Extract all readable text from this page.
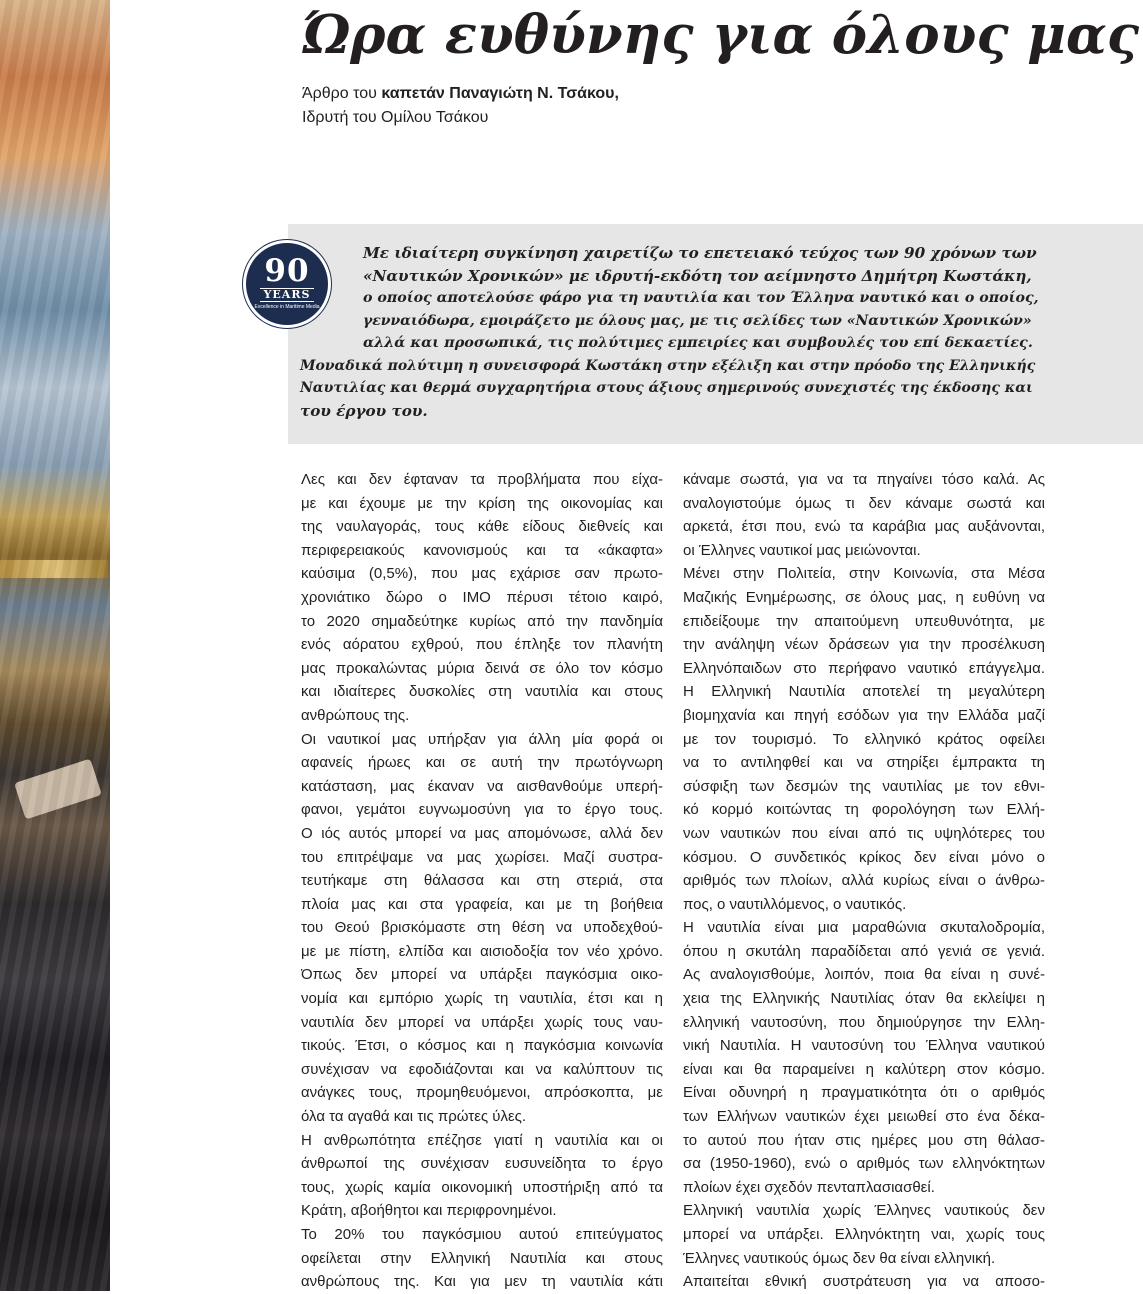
Ώρα ευθύνης για όλους μας
Άρθρο του καπετάν Παναγιώτη Ν. Τσάκου,
Ιδρυτή του Ομίλου Τσάκου
90
YEARS
Excellence in Maritime Media
Με ιδιαίτερη συγκίνηση χαιρετίζω το επετειακό τεύχος των 90 χρόνων των
«Ναυτικών Χρονικών» με ιδρυτή-εκδότη τον αείμνηστο Δημήτρη Κωστάκη,
ο οποίος αποτελούσε φάρο για τη ναυτιλία και τον Έλληνα ναυτικό και ο οποίος,
γενναιόδωρα, εμοιράζετο με όλους μας, με τις σελίδες των «Ναυτικών Χρονικών»
αλλά και προσωπικά, τις πολύτιμες εμπειρίες και συμβουλές του επί δεκαετίες.
Μοναδικά πολύτιμη η συνεισφορά Κωστάκη στην εξέλιξη και στην πρόοδο της Ελληνικής
Ναυτιλίας και θερμά συγχαρητήρια στους άξιους σημερινούς συνεχιστές της έκδοσης και
του έργου του.
Λες και δεν έφταναν τα προβλήματα που είχα-
με και έχουμε με την κρίση της οικονομίας και
της ναυλαγοράς, τους κάθε είδους διεθνείς και
περιφερειακούς κανονισμούς και τα «άκαφτα»
καύσιμα (0,5%), που μας εχάρισε σαν πρωτο-
χρονιάτικο δώρο ο IMO πέρυσι τέτοιο καιρό,
το 2020 σημαδεύτηκε κυρίως από την πανδημία
ενός αόρατου εχθρού, που έπληξε τον πλανήτη
μας προκαλώντας μύρια δεινά σε όλο τον κόσμο
και ιδιαίτερες δυσκολίες στη ναυτιλία και στους
ανθρώπους της.
Οι ναυτικοί μας υπήρξαν για άλλη μία φορά οι
αφανείς ήρωες και σε αυτή την πρωτόγνωρη
κατάσταση, μας έκαναν να αισθανθούμε υπερή-
φανοι, γεμάτοι ευγνωμοσύνη για το έργο τους.
Ο ιός αυτός μπορεί να μας απομόνωσε, αλλά δεν
του επιτρέψαμε να μας χωρίσει. Μαζί συστρα-
τευτήκαμε στη θάλασσα και στη στεριά, στα
πλοία μας και στα γραφεία, και με τη βοήθεια
του Θεού βρισκόμαστε στη θέση να υποδεχθού-
με με πίστη, ελπίδα και αισιοδοξία τον νέο χρόνο.
Όπως δεν μπορεί να υπάρξει παγκόσμια οικο-
νομία και εμπόριο χωρίς τη ναυτιλία, έτσι και η
ναυτιλία δεν μπορεί να υπάρξει χωρίς τους ναυ-
τικούς. Έτσι, ο κόσμος και η παγκόσμια κοινωνία
συνέχισαν να εφοδιάζονται και να καλύπτουν τις
ανάγκες τους, προμηθευόμενοι, απρόσκοπτα, με
όλα τα αγαθά και τις πρώτες ύλες.
Η ανθρωπότητα επέζησε γιατί η ναυτιλία και οι
άνθρωποί της συνέχισαν ευσυνείδητα το έργο
τους, χωρίς καμία οικονομική υποστήριξη από τα
Κράτη, αβοήθητοι και περιφρονημένοι.
Το 20% του παγκόσμιου αυτού επιτεύγματος
οφείλεται στην Ελληνική Ναυτιλία και στους
ανθρώπους της. Και για μεν τη ναυτιλία κάτι
κάναμε σωστά, για να τα πηγαίνει τόσο καλά. Ας
αναλογιστούμε όμως τι δεν κάναμε σωστά και
αρκετά, έτσι που, ενώ τα καράβια μας αυξάνονται,
οι Έλληνες ναυτικοί μας μειώνονται.
Μένει στην Πολιτεία, στην Κοινωνία, στα Μέσα
Μαζικής Ενημέρωσης, σε όλους μας, η ευθύνη να
επιδείξουμε την απαιτούμενη υπευθυνότητα, με
την ανάληψη νέων δράσεων για την προσέλκυση
Ελληνόπαιδων στο περήφανο ναυτικό επάγγελμα.
Η Ελληνική Ναυτιλία αποτελεί τη μεγαλύτερη
βιομηχανία και πηγή εσόδων για την Ελλάδα μαζί
με τον τουρισμό. Το ελληνικό κράτος οφείλει
να το αντιληφθεί και να στηρίξει έμπρακτα τη
σύσφιξη των δεσμών της ναυτιλίας με τον εθνι-
κό κορμό κοιτώντας τη φορολόγηση των Ελλή-
νων ναυτικών που είναι από τις υψηλότερες του
κόσμου. Ο συνδετικός κρίκος δεν είναι μόνο ο
αριθμός των πλοίων, αλλά κυρίως είναι ο άνθρω-
πος, ο ναυτιλλόμενος, ο ναυτικός.
Η ναυτιλία είναι μια μαραθώνια σκυταλοδρομία,
όπου η σκυτάλη παραδίδεται από γενιά σε γενιά.
Ας αναλογισθούμε, λοιπόν, ποια θα είναι η συνέ-
χεια της Ελληνικής Ναυτιλίας όταν θα εκλείψει η
ελληνική ναυτοσύνη, που δημιούργησε την Ελλη-
νική Ναυτιλία. Η ναυτοσύνη του Έλληνα ναυτικού
είναι και θα παραμείνει η καλύτερη στον κόσμο.
Είναι οδυνηρή η πραγματικότητα ότι ο αριθμός
των Ελλήνων ναυτικών έχει μειωθεί στο ένα δέκα-
το αυτού που ήταν στις ημέρες μου στη θάλασ-
σα (1950-1960), ενώ ο αριθμός των ελληνόκτητων
πλοίων έχει σχεδόν πενταπλασιασθεί.
Ελληνική ναυτιλία χωρίς Έλληνες ναυτικούς δεν
μπορεί να υπάρξει. Ελληνόκτητη ναι, χωρίς τους
Έλληνες ναυτικούς όμως δεν θα είναι ελληνική.
Απαιτείται εθνική συστράτευση για να αποσο-
